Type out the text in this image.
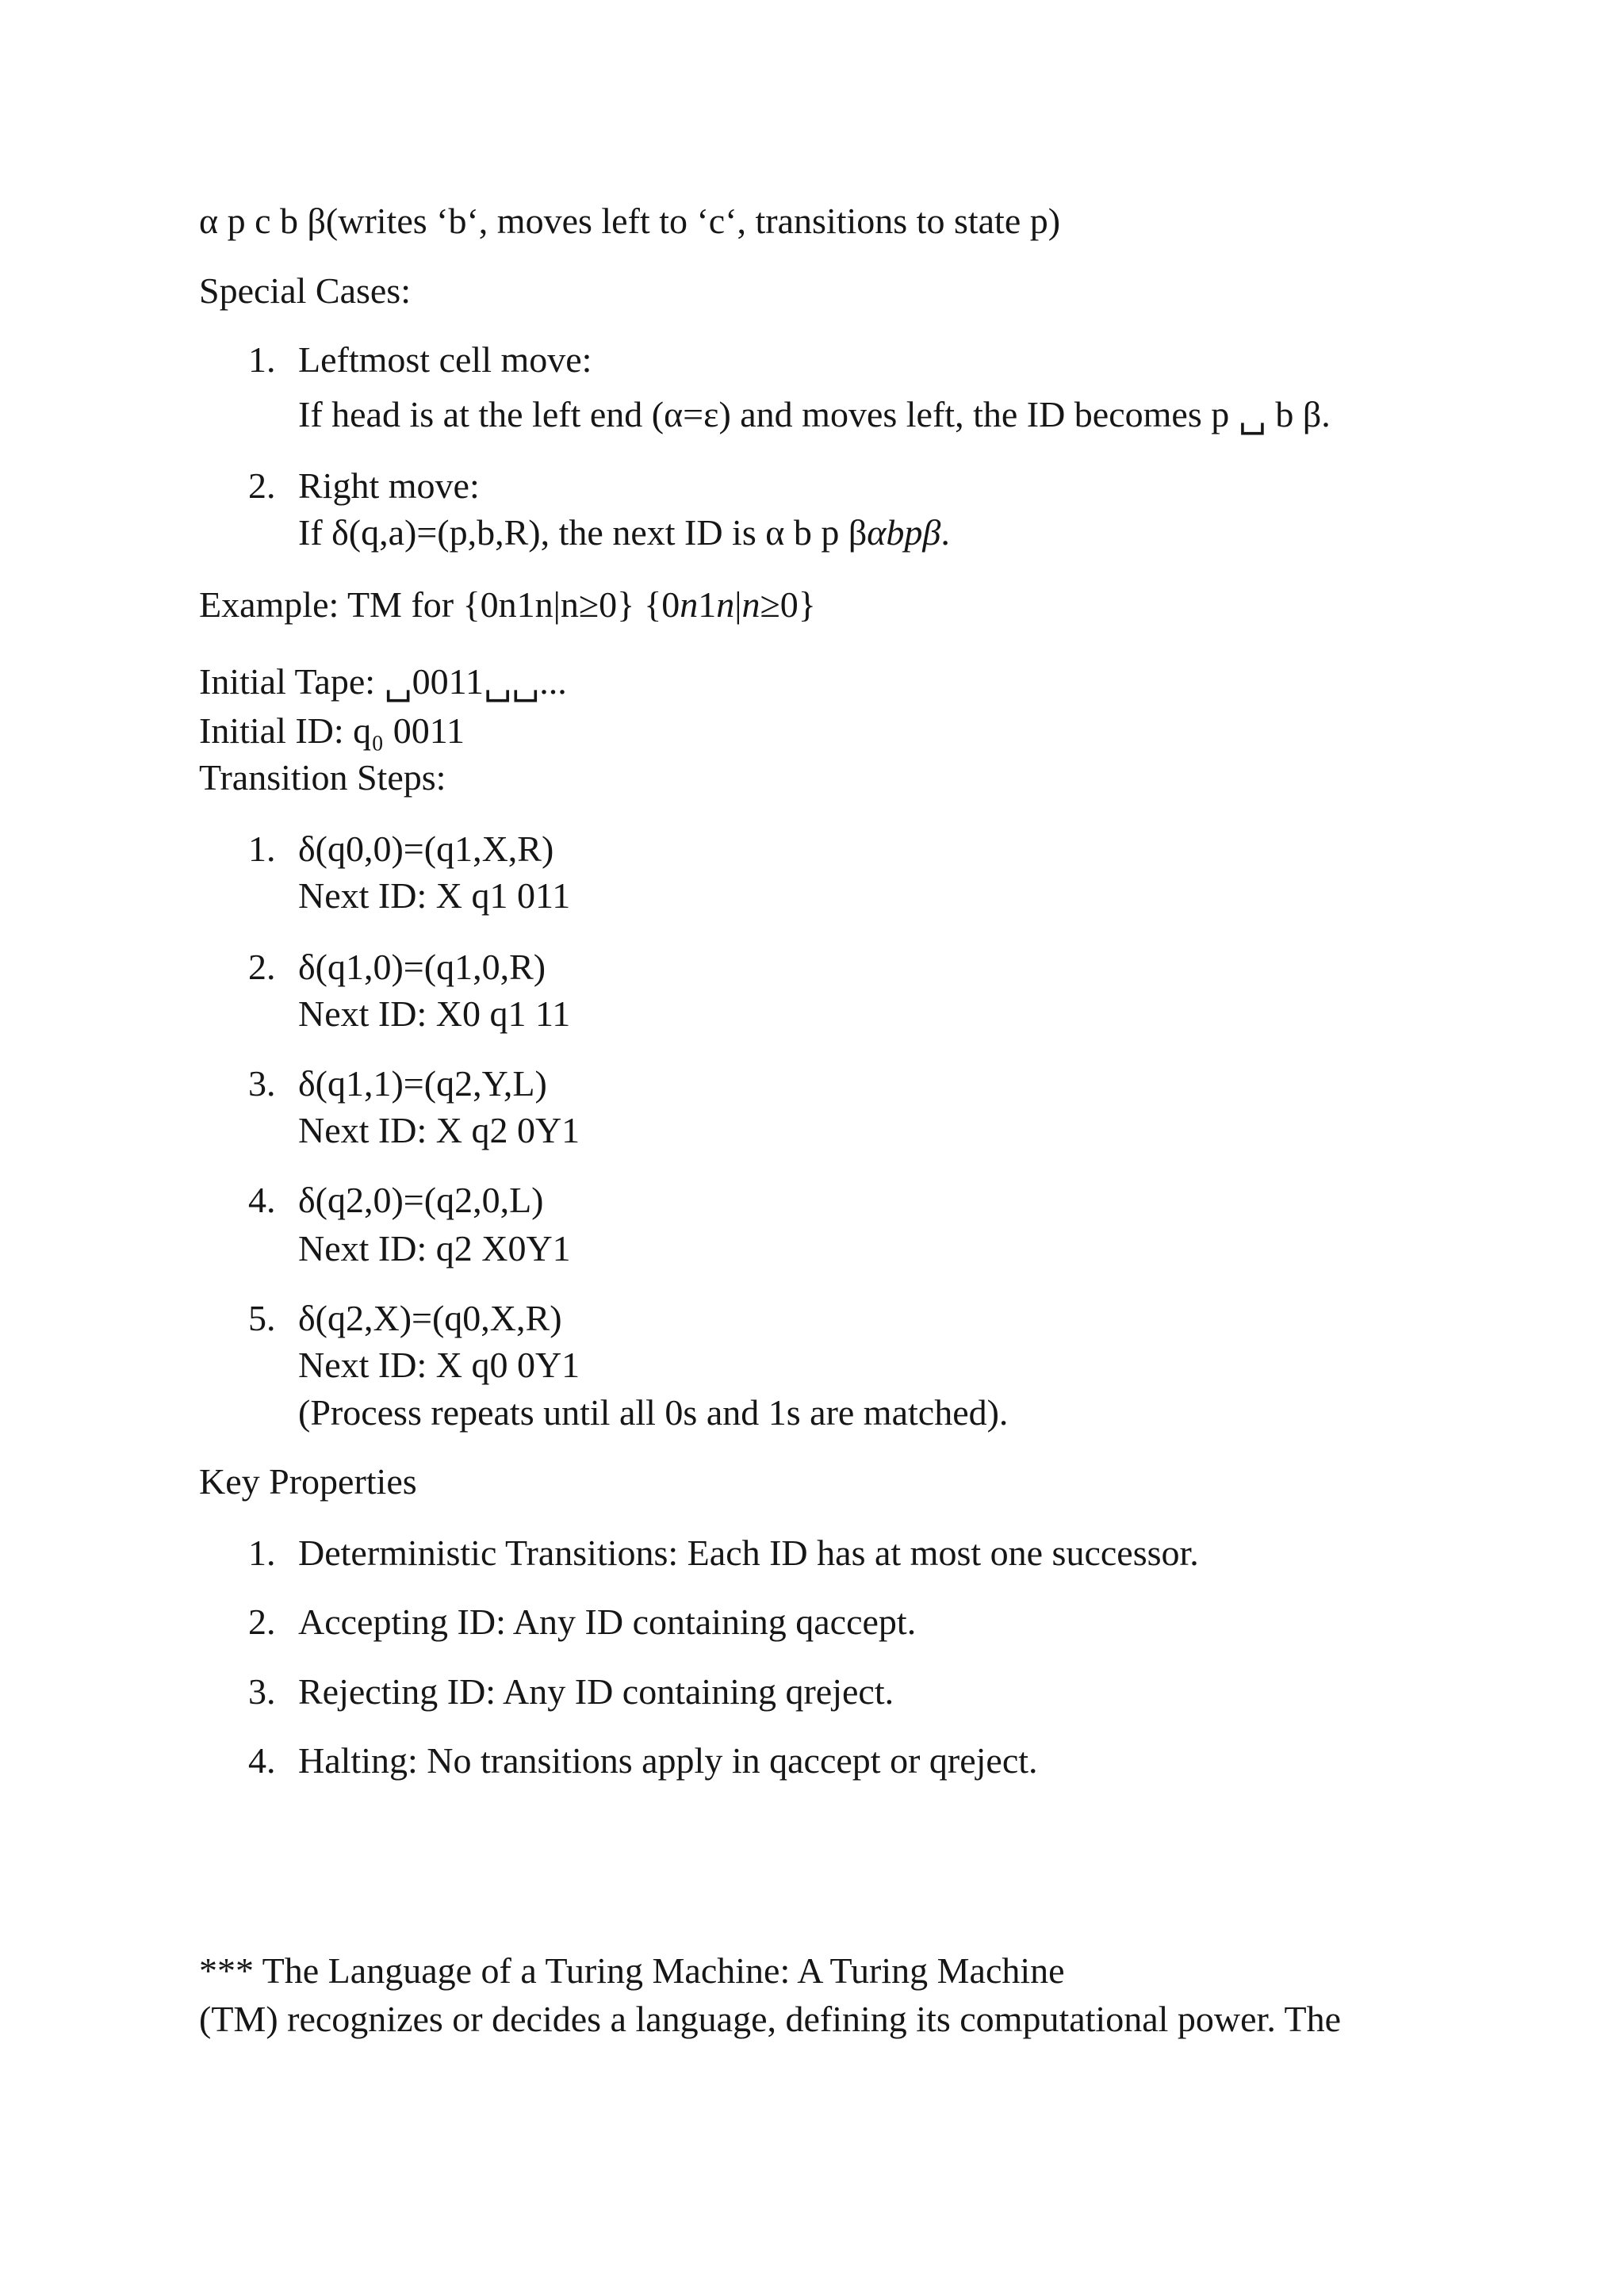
α p c b β(writes ‘b‘, moves left to ‘c‘, transitions to state p)
Special Cases:
1. Leftmost cell move:
If head is at the left end (α=ε) and moves left, the ID becomes p ␣ b β.
2. Right move:
If δ(q,a)=(p,b,R), the next ID is α b p βαbpβ.
Example: TM for {0n1n|n≥0} {0n1n|n≥0}
Initial Tape: ␣0011␣␣...
Initial ID: q₀ 0011
Transition Steps:
1. δ(q0,0)=(q1,X,R)
Next ID: X q1 011
2. δ(q1,0)=(q1,0,R)
Next ID: X0 q1 11
3. δ(q1,1)=(q2,Y,L)
Next ID: X q2 0Y1
4. δ(q2,0)=(q2,0,L)
Next ID: q2 X0Y1
5. δ(q2,X)=(q0,X,R)
Next ID: X q0 0Y1
(Process repeats until all 0s and 1s are matched).
Key Properties
1. Deterministic Transitions: Each ID has at most one successor.
2. Accepting ID: Any ID containing qaccept.
3. Rejecting ID: Any ID containing qreject.
4. Halting: No transitions apply in qaccept or qreject.
*** The Language of a Turing Machine: A Turing Machine
(TM) recognizes or decides a language, defining its computational power. The
